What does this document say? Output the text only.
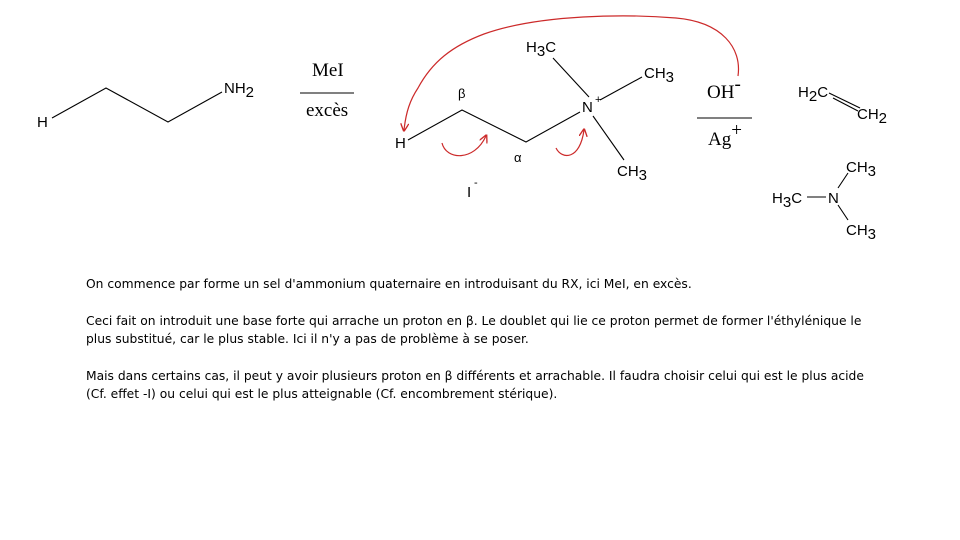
H
NH2
MeI
excès
H
β
α
N +
H3C
CH3
CH3
I
-
OH-
Ag+
H2C
CH2
H3C N
CH3
CH3

On commence par forme un sel d'ammonium quaternaire en introduisant du RX, ici MeI, en excès.

Ceci fait on introduit une base forte qui arrache un proton en β. Le doublet qui lie ce proton permet de former l'éthylénique le plus substitué, car le plus stable. Ici il n'y a pas de problème à se poser.

Mais dans certains cas, il peut y avoir plusieurs proton en β différents et arrachable. Il faudra choisir celui qui est le plus acide (Cf. effet -I) ou celui qui est le plus atteignable (Cf. encombrement stérique).
